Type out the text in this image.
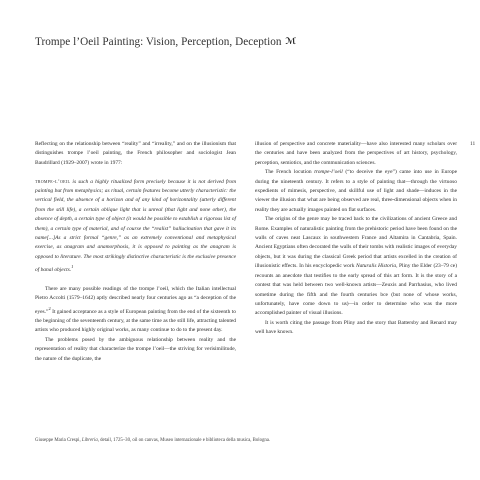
Trompe l’Oeil Painting: Vision, Perception, Deception ℳ

Reflecting on the relationship between “reality” and “irreality,” and on the illusionism that distinguishes trompe l’oeil painting, the French philosopher and sociologist Jean Baudrillard (1929–2007) wrote in 1977:

trompe-l’oeil is such a highly ritualized form precisely because it is not derived from painting but from metaphysics; as ritual, certain features become utterly characteristic: the vertical field, the absence of a horizon and of any kind of horizontality (utterly different from the still life), a certain oblique light that is unreal (that light and none other), the absence of depth, a certain type of object (it would be possible to establish a rigorous list of them), a certain type of material, and of course the “realist” hallucination that gave it its name[...]As a strict formal “genre,” as an extremely conventional and metaphysical exercise, as anagram and anamorphosis, it is opposed to painting as the anagram is opposed to literature. The most strikingly distinctive characteristic is the exclusive presence of banal objects.$^1$

There are many possible readings of the trompe l’oeil, which the Italian intellectual Pietro Accolti (1579–1642) aptly described nearly four centuries ago as “a deception of the eyes.”$^2$ It gained acceptance as a style of European painting from the end of the sixteenth to the beginning of the seventeenth century, at the same time as the still life, attracting talented artists who produced highly original works, as many continue to do to the present day.

The problems posed by the ambiguous relationship between reality and the representation of reality that characterize the trompe l’oeil—the striving for verisimilitude, the nature of the duplicate, the

illusion of perspective and concrete materiality—have also interested many scholars over the centuries and have been analyzed from the perspectives of art history, psychology, perception, semiotics, and the communication sciences.

The French locution trompe-l’oeil (“to deceive the eye”) came into use in Europe during the nineteenth century. It refers to a style of painting that—through the virtuoso expedients of mimesis, perspective, and skillful use of light and shade—induces in the viewer the illusion that what are being observed are real, three-dimensional objects when in reality they are actually images painted on flat surfaces.

The origins of the genre may be traced back to the civilizations of ancient Greece and Rome. Examples of naturalistic painting from the prehistoric period have been found on the walls of caves neat Lascaux in southwestern France and Altamira in Cantabria, Spain. Ancient Egyptians often decorated the walls of their tombs with realistic images of everyday objects, but it was during the classical Greek period that artists excelled in the creation of illusionistic effects. In his encyclopedic work Naturalis Historia, Pliny the Elder (23–79 ce) recounts an anecdote that testifies to the early spread of this art form. It is the story of a contest that was held between two well-known artists—Zeuxis and Parrhasius, who lived sometime during the fifth and the fourth centuries bce (but none of whose works, unfortunately, have come down to us)—in order to determine who was the more accomplished painter of visual illusions.

It is worth citing the passage from Pliny and the story that Battersby and Renard may well have known.

11
Giuseppe Maria Crespi, Libreria, detail, 1725–30, oil on canvas, Museo internazionale e biblioteca della musica, Bologna.
